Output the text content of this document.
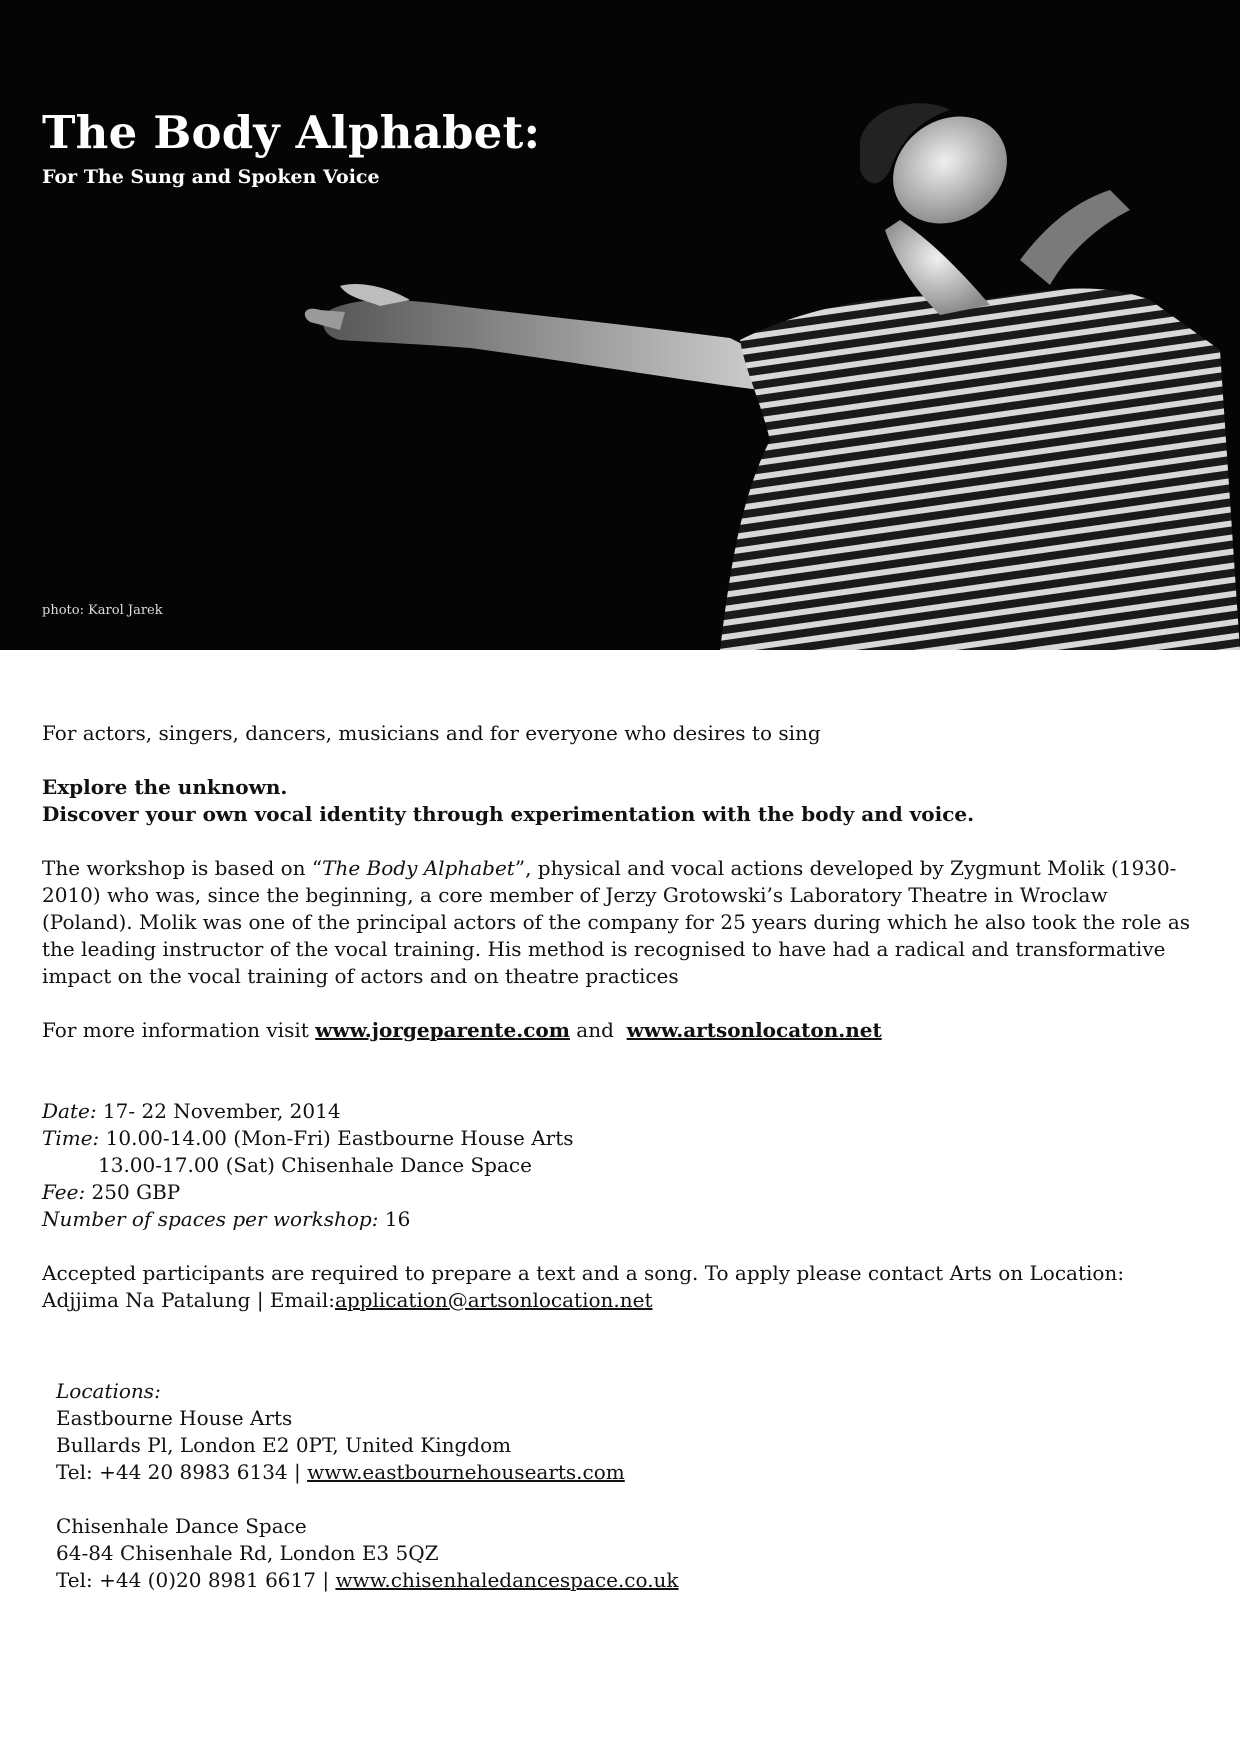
The Body Alphabet:

For The Sung and Spoken Voice

photo: Karol Jarek

For actors, singers, dancers, musicians and for everyone who desires to sing

Explore the unknown.

Discover your own vocal identity through experimentation with the body and voice.

The workshop is based on “The Body Alphabet”, physical and vocal actions developed by Zygmunt Molik (1930-2010) who was, since the beginning, a core member of Jerzy Grotowski’s Laboratory Theatre in Wroclaw (Poland). Molik was one of the principal actors of the company for 25 years during which he also took the role as the leading instructor of the vocal training. His method is recognised to have had a radical and transformative impact on the vocal training of actors and on theatre practices

For more information visit www.jorgeparente.com and  www.artsonlocaton.net

Date: 17- 22 November, 2014

Time: 10.00-14.00 (Mon-Fri) Eastbourne House Arts

13.00-17.00 (Sat) Chisenhale Dance Space

Fee: 250 GBP

Number of spaces per workshop: 16

Accepted participants are required to prepare a text and a song. To apply please contact Arts on Location: Adjjima Na Patalung | Email:application@artsonlocation.net

Locations:

Eastbourne House Arts

Bullards Pl, London E2 0PT, United Kingdom

Tel: +44 20 8983 6134 | www.eastbournehousearts.com

Chisenhale Dance Space

64-84 Chisenhale Rd, London E3 5QZ

Tel: +44 (0)20 8981 6617 | www.chisenhaledancespace.co.uk
